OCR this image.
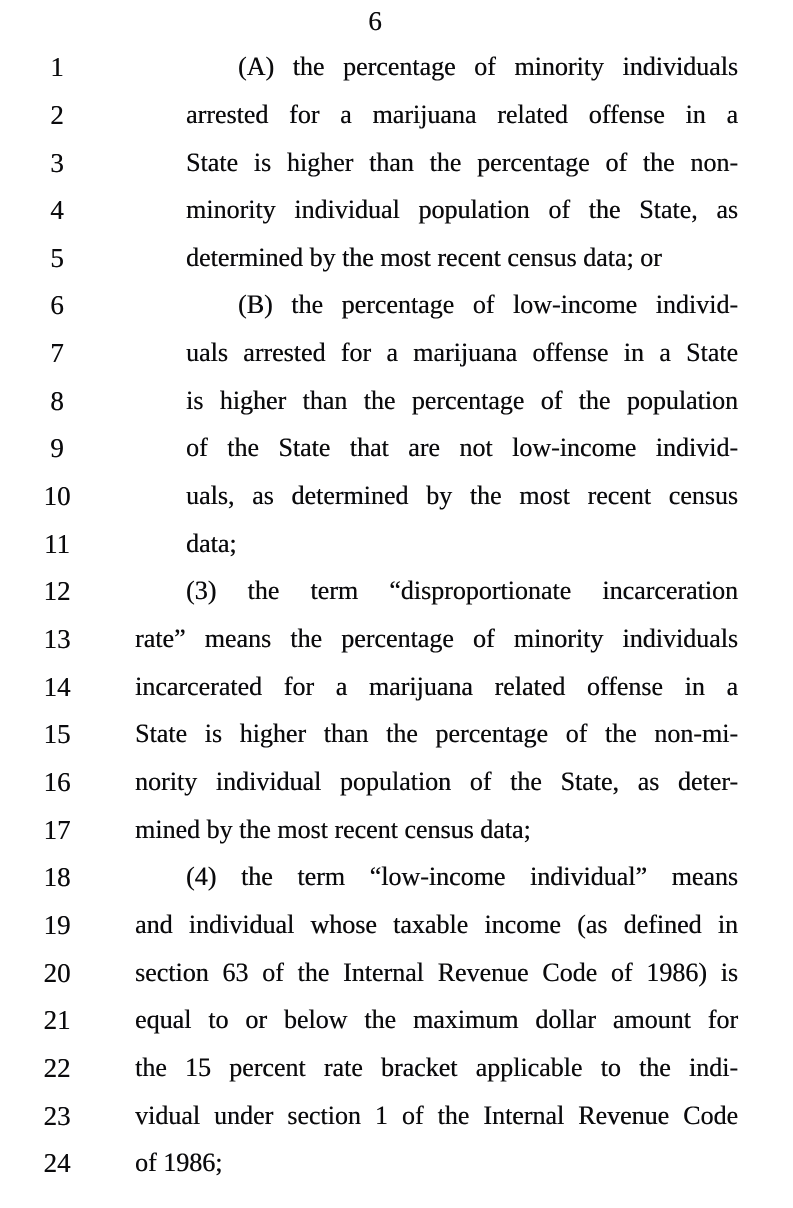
6
1	(A) the percentage of minority individuals
2	arrested for a marijuana related offense in a
3	State is higher than the percentage of the non-
4	minority individual population of the State, as
5	determined by the most recent census data; or
6	(B) the percentage of low-income individ-
7	uals arrested for a marijuana offense in a State
8	is higher than the percentage of the population
9	of the State that are not low-income individ-
10	uals, as determined by the most recent census
11	data;
12	(3) the term “disproportionate incarceration
13 rate” means the percentage of minority individuals
14 incarcerated for a marijuana related offense in a
15 State is higher than the percentage of the non-mi-
16 nority individual population of the State, as deter-
17 mined by the most recent census data;
18	(4) the term “low-income individual” means
19 and individual whose taxable income (as defined in
20 section 63 of the Internal Revenue Code of 1986) is
21 equal to or below the maximum dollar amount for
22 the 15 percent rate bracket applicable to the indi-
23 vidual under section 1 of the Internal Revenue Code
24 of 1986;
